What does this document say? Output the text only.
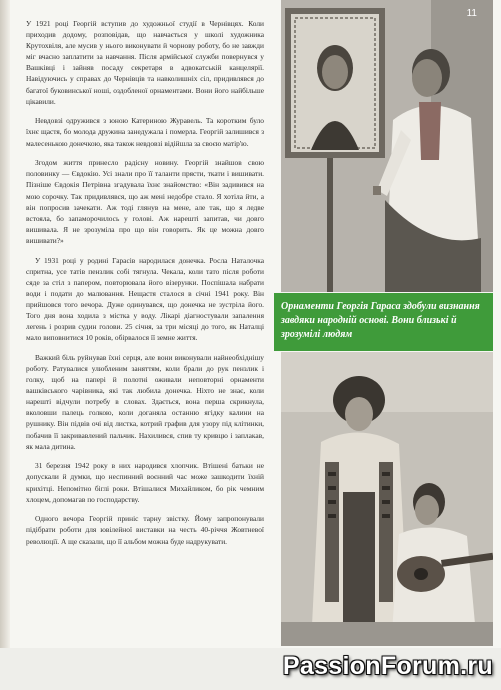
У 1921 році Георгій вступив до художньої студії в Чернівцях. Коли приходив додому, розповідав, що навчається у школі художника Крутохвіля, але мусив у нього виконувати й чорнову роботу, бо не завжди міг вчасно заплатити за навчання. Після армійської служби повернувся у Вашківці і зайняв посаду секретаря в адвокатській канцелярії. Навідуючись у справах до Чернівців та навколишніх сіл, придивлявся до багатої буковинської ноші, оздобленої орнаментами. Вони його найбільше цікавили.

Невдовзі одружився з юною Катериною Журавель. Та коротким було їхнє щастя, бо молода дружина занедужала і померла. Георгій залишився з малесенькою донечкою, яка також невдовзі відійшла за своєю матір'ю.

Згодом життя принесло радісну новину. Георгій знайшов свою половинку — Євдокію. Усі знали про її таланти прясти, ткати і вишивати. Пізніше Євдокія Петрівна згадувала їхнє знайомство: «Він задивився на мою сорочку. Так придивлявся, що аж мені недобре стало. Я хотіла йти, а він попросив зачекати. Аж тоді глянув на мене, але так, що я ледве встояла, бо запаморочилось у голові. Аж нарешті запитав, чи довго вишивала. Я не зрозуміла про що він говорить. Як це можна довго вишивати?»

У 1931 році у родині Гарасів народилася донечка. Росла Наталочка спритна, усе татів пензлик собі тягнула. Чекала, коли тато після роботи сяде за стіл з папером, повторювала його візерунки. Поспішала набрати води і подати до малювання. Нещастя сталося в січні 1941 року. Він прийшовся того вечора. Дуже одинувався, що донечка не зустріла його. Того дня вона ходила з містка у воду. Лікарі діагностували запалення легень і розрив судин голови. 25 січня, за три місяці до того, як Наталці мало виповнитися 10 років, обірвалося її земне життя.

Важкий біль руйнував їхні серця, але вони виконували найнеобхіднішу роботу. Ратувалися улюбленим заняттям, коли брали до рук пензлик і голку, щоб на папері й полотні оживали неповторні орнаменти вашківського чарівника, які так любила донечка. Ніхто не знає, коли нарешті відчули потребу в словах. Здається, вона перша скрикнула, вколовши палець голкою, коли доганяла останню ягідку калини на рушнику. Він підвів очі від листка, котрий графив для узору під клітинки, побачив її закривавлений пальчик. Нахилився, спив ту кривцю і заплакав, як мала дитина.

31 березня 1942 року в них народився хлопчик. Втішені батьки не допускали й думки, що неспинний воєнний час може зашкодити їхній крихітці. Непомітно біглі роки. Втішалися Михайликом, бо рік чемним хлоцем, допомагав по господарству.

Одного вечора Георгій приніс тарну звістку. Йому запропонували підібрати роботи для ювілейної виставки на честь 40-річчя Жовтневої революції. А ще сказали, що її альбом можна буде надрукувати.

11
Орнаменти Георгія Гараса здобули визнання завдяки народній основі. Вони близькі й зрозумілі людям
PassionForum.ru
